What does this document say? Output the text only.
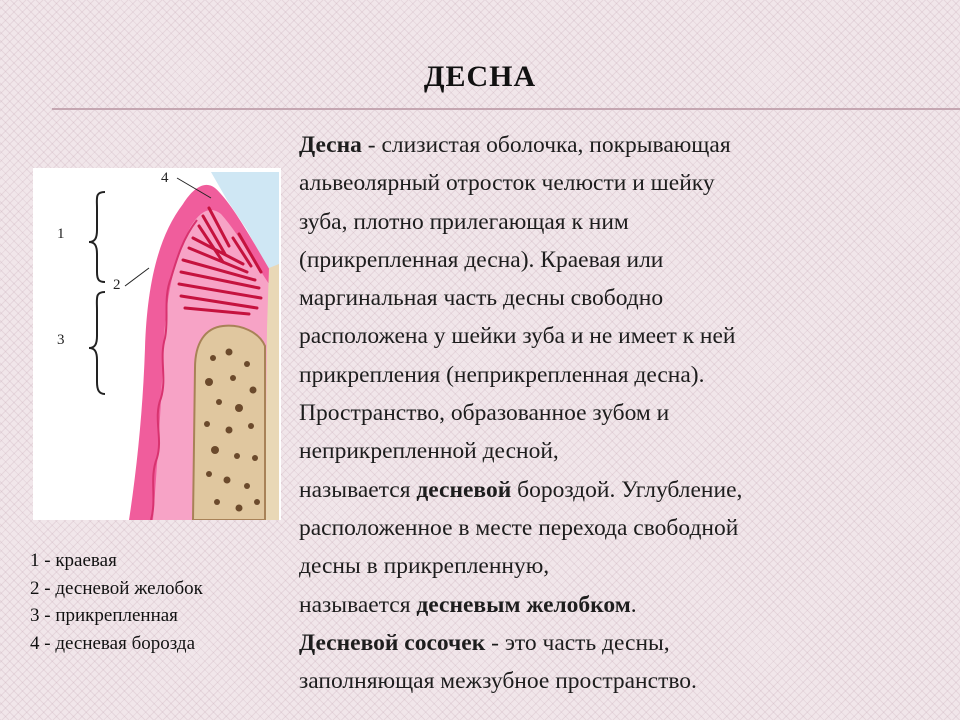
ДЕСНА
1
2
3
4
1 - краевая
2 - десневой желобок
3 - прикрепленная
4 - десневая борозда
Десна - слизистая оболочка, покрывающая
альвеолярный отросток челюсти и шейку
зуба, плотно прилегающая к ним
(прикрепленная десна). Краевая или
маргинальная часть десны свободно
расположена у шейки зуба и не имеет к ней
прикрепления (неприкрепленная десна).
Пространство, образованное зубом и
неприкрепленной десной,
называется десневой бороздой. Углубление,
расположенное в месте перехода свободной
десны в прикрепленную,
называется десневым желобком.
Десневой сосочек - это часть десны,
заполняющая межзубное пространство.
